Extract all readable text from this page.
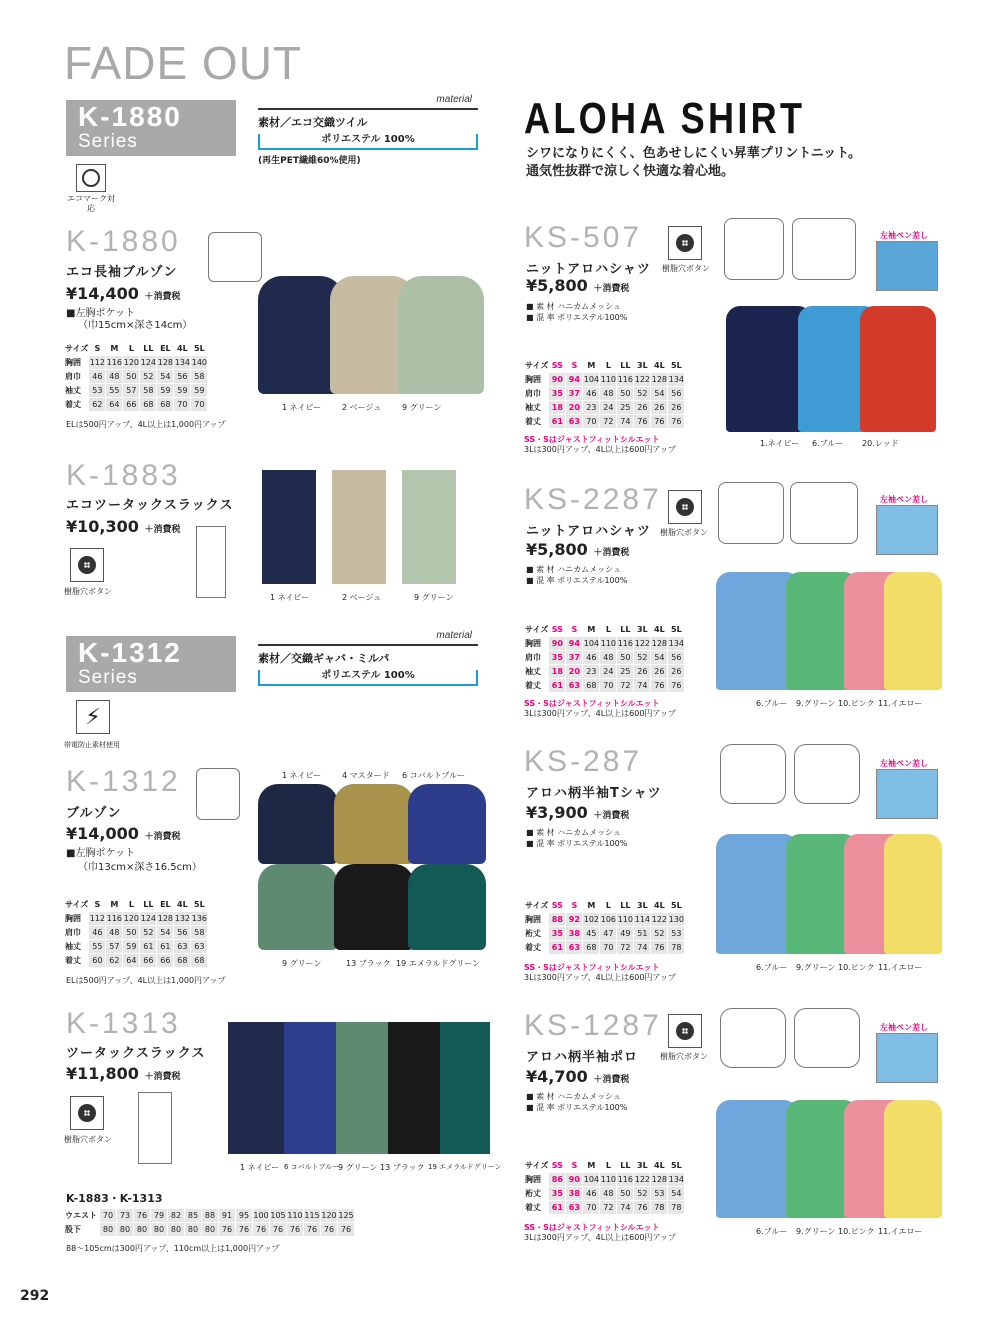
FADE OUT
K-1880
Series
エコマーク対応
material
素材／エコ交織ツイル
ポリエステル 100%
(再生PET繊維60%使用)
K-1880
エコ長袖ブルゾン
¥14,400 ＋消費税
■左胸ポケット
（巾15cm×深さ14cm）
サイズ	S	M	L	LL	EL	4L	5L
胸囲	112	116	120	124	128	134	140
肩巾	46	48	50	52	54	56	58
袖丈	53	55	57	58	59	59	59
着丈	62	64	66	68	68	70	70
ELは500円アップ、4L以上は1,000円アップ
1 ネイビー	2 ベージュ	9 グリーン
K-1883
エコツータックスラックス
¥10,300 ＋消費税
樹脂穴ボタン
1 ネイビー	2 ベージュ	9 グリーン
K-1312
Series
⚡
帯電防止素材使用
material
素材／交織ギャバ・ミルパ
ポリエステル 100%
K-1312
ブルゾン
¥14,000 ＋消費税
■左胸ポケット
（巾13cm×深さ16.5cm）
サイズ	S	M	L	LL	EL	4L	5L
胸囲	112	116	120	124	128	132	136
肩巾	46	48	50	52	54	56	58
袖丈	55	57	59	61	61	63	63
着丈	60	62	64	66	66	68	68
ELは500円アップ、4L以上は1,000円アップ
1 ネイビー	4 マスタード 6 コバルトブルー
9 グリーン	13 ブラック 19 エメラルドグリーン
K-1313
ツータックスラックス
¥11,800 ＋消費税
樹脂穴ボタン
1 ネイビー 6 コバルトブルー
9 グリーン 13 ブラック 19 エメラルドグリーン
K-1883・K-1313
ウエスト	70	73	76	79	82	85	88	91	95	100	105	110	115	120	125
股下	80	80	80	80	80	80	80	76	76	76	76	76	76	76	76
88〜105cmは300円アップ、110cm以上は1,000円アップ
292
ALOHA SHIRT
シワになりにくく、色あせしにくい昇華プリントニット。
通気性抜群で涼しく快適な着心地。
KS-507
ニットアロハシャツ
¥5,800 ＋消費税
■ 素 材 ハニカムメッシュ
■ 混 率 ポリエステル100%
樹脂穴ボタン
左袖ペン差し
1.ネイビー 6.ブルー 20.レッド
サイズ	SS	S	M	L	LL	3L	4L	5L
胸囲	90	94	104	110	116	122	128	134
肩巾	35	37	46	48	50	52	54	56
袖丈	18	20	23	24	25	26	26	26
着丈	61	63	70	72	74	76	76	76
SS・Sはジャストフィットシルエット
3Lは300円アップ、4L以上は600円アップ
KS-2287
ニットアロハシャツ
¥5,800 ＋消費税
■ 素 材 ハニカムメッシュ
■ 混 率 ポリエステル100%
樹脂穴ボタン
左袖ペン差し
6.ブルー 9.グリーン 10.ピンク 11.イエロー
サイズ	SS	S	M	L	LL	3L	4L	5L
胸囲	90	94	104	110	116	122	128	134
肩巾	35	37	46	48	50	52	54	56
袖丈	18	20	23	24	25	26	26	26
着丈	61	63	68	70	72	74	76	76
SS・Sはジャストフィットシルエット
3Lは300円アップ、4L以上は600円アップ
KS-287
アロハ柄半袖Tシャツ
¥3,900 ＋消費税
■ 素 材 ハニカムメッシュ
■ 混 率 ポリエステル100%
左袖ペン差し
6.ブルー 9.グリーン 10.ピンク 11.イエロー
サイズ	SS	S	M	L	LL	3L	4L	5L
胸囲	88	92	102	106	110	114	122	130
裄丈	35	38	45	47	49	51	52	53
着丈	61	63	68	70	72	74	76	78
SS・Sはジャストフィットシルエット
3Lは300円アップ、4L以上は600円アップ
KS-1287
アロハ柄半袖ポロ
¥4,700 ＋消費税
■ 素 材 ハニカムメッシュ
■ 混 率 ポリエステル100%
樹脂穴ボタン
左袖ペン差し
6.ブルー 9.グリーン 10.ピンク 11.イエロー
サイズ	SS	S	M	L	LL	3L	4L	5L
胸囲	86	90	104	110	116	122	128	134
裄丈	35	38	46	48	50	52	53	54
着丈	61	63	70	72	74	76	78	78
SS・Sはジャストフィットシルエット
3Lは300円アップ、4L以上は600円アップ
